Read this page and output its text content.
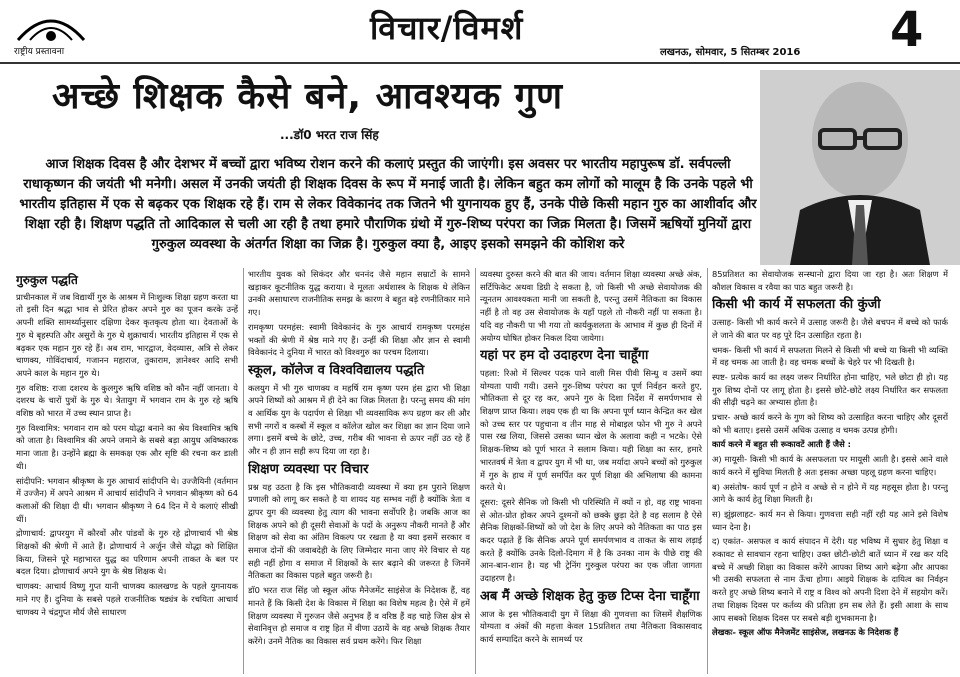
राष्ट्रीय प्रस्तावना
विचार/विमर्श
लखनऊ, सोमवार, 5 सितम्बर 2016 4
अच्छे शिक्षक कैसे बने, आवश्यक गुण
...डॉ0 भरत राज सिंह
आज शिक्षक दिवस है और देशभर में बच्चों द्वारा भविष्य रोशन करने की कलाएं प्रस्तुत की जाएंगी। इस अवसर पर भारतीय महापुरूष डॉ. सर्वपल्ली राधाकृष्णन की जयंती भी मनेगी। असल में उनकी जयंती ही शिक्षक दिवस के रूप में मनाई जाती है। लेकिन बहुत कम लोगों को मालूम है कि उनके पहले भी भारतीय इतिहास में एक से बढ़कर एक शिक्षक रहे हैं। राम से लेकर विवेकानंद तक जितने भी युगनायक हुए हैं, उनके पीछे किसी महान गुरु का आशीर्वाद और शिक्षा रही है। शिक्षण पद्धति तो आदिकाल से चली आ रही है तथा हमारे पौराणिक ग्रंथो में गुरु-शिष्य परंपरा का जिक्र मिलता है। जिसमें ऋषियों मुनियों द्वारा गुरुकुल व्यवस्था के अंतर्गत शिक्षा का जिक्र है। गुरुकुल क्या है, आइए इसको समझने की कोशिश करे
गुरुकुल पद्धति

प्राचीनकाल में जब विद्यार्थी गुरु के आश्रम में निःशुल्क शिक्षा ग्रहण करता था तो इसी दिन श्रद्धा भाव से प्रेरित होकर अपने गुरु का पूजन करके उन्हें अपनी शक्ति सामर्थ्यानुसार दक्षिणा देकर कृतकृत्य होता था। देवताओं के गुरु थे बृहस्पति और असुरों के गुरु थे शुक्राचार्य। भारतीय इतिहास में एक से बढ़कर एक महान गुरु रहे हैं। अब राम, भारद्वाज, वेदव्यास, अत्रि से लेकर चाणक्य, गोविंदाचार्य, गजानन महाराज, तुकाराम, ज्ञानेश्वर आदि सभी अपने काल के महान गुरु थे।

गुरु वशिष्ठ: राजा दशरथ के कुलगुरु ऋषि वशिष्ठ को कौन नहीं जानता। ये दशरथ के चारों पुत्रों के गुरु थे। त्रेतायुग में भगवान राम के गुरु रहे ऋषि वशिष्ठ को भारत में उच्च स्थान प्राप्त है।

गुरु विश्वामित्र: भगवान राम को परम योद्धा बनाने का श्रेय विश्वामित्र ऋषि को जाता है। विश्वामित्र की अपने जमाने के सबसे बड़ा आयुध अविष्कारक माना जाता है। उन्होंने ब्रह्मा के समकक्ष एक और सृष्टि की रचना कर डाली थी।

सांदीपनि: भगवान श्रीकृष्ण के गुरु आचार्य सांदीपनि थे। उज्जैयिनी (वर्तमान में उज्जैन) में अपने आश्रम में आचार्य सांदीपनि ने भगवान श्रीकृष्ण को 64 कलाओं की शिक्षा दी थी। भगवान श्रीकृष्ण ने 64 दिन में ये कलाएं सीखी थीं।

द्रोणाचार्य: द्वापरयुग में कौरवों और पांडवों के गुरु रहे द्रोणाचार्य भी श्रेष्ठ शिक्षकों की श्रेणी में आते हैं। द्रोणाचार्य ने अर्जुन जैसे योद्धा को शिक्षित किया, जिसने पूरे महाभारत युद्ध का परिणाम अपनी ताकत के बल पर बदल दिया। द्रोणाचार्य अपने युग के श्रेष्ठ शिक्षक थे।

चाणक्य: आचार्य विष्णु गुप्त यानी चाणक्य कालखण्ड के पहले युगनायक माने गए हैं। दुनिया के सबसे पहले राजनीतिक षड्यंत्र के रचयिता आचार्य चाणक्य ने चंद्रगुप्त मौर्य जैसे साधारण

भारतीय युवक को सिकंदर और धननंद जैसे महान सम्राटों के सामने खड़ाकर कूटनीतिक युद्ध कराया। वे मूलतः अर्थशास्त्र के शिक्षक थे लेकिन उनकी असाधारण राजनीतिक समझ के कारण वे बहुत बड़े रणनीतिकार माने गए।

रामकृष्ण परमहंस: स्वामी विवेकानंद के गुरु आचार्य रामकृष्ण परमहंस भक्तों की श्रेणी में श्रेष्ठ माने गए हैं। उन्हीं की शिक्षा और ज्ञान से स्वामी विवेकानंद ने दुनिया में भारत को विश्वगुरु का परचम दिलाया।

स्कूल, कॉलेज व विश्वविद्यालय पद्धति

कलयुग में भी गुरु चाणक्य व महर्षि राम कृष्ण परम हंस द्वारा भी शिक्षा अपने शिष्यों को आश्रम में ही देने का जिक्र मिलता है। परन्तु समय की मांग व आर्थिक युग के पदार्पण से शिक्षा भी व्यवसायिक रूप ग्रहण कर ली और सभी नगरों व कस्बों में स्कूल व कॉलेज खोल कर शिक्षा का ज्ञान दिया जाने लगा। इसमें बच्चे के छोटे, उच्च, गरीब की भावना से ऊपर नहीं उठ रहे हैं और न ही ज्ञान सही रूप दिया जा रहा है।

शिक्षण व्यवस्था पर विचार

प्रश्न यह उठता है कि इस भौतिकवादी व्यवस्था में क्या हम पुराने शिक्षण प्रणाली को लागू कर सकते है या शायद यह सम्भव नहीं है क्योंकि त्रेता व द्वापर युग की व्यवस्था हेतु त्याग की भावना सर्वोपरि है। जबकि आज का शिक्षक अपने को ही दूसरी सेवाओं के पदों के अनुरूप नौकरी मानते हैं और शिक्षण को सेवा का अंतिम विकल्प पर रखता है या क्या इसमें सरकार व समाज दोनों की जवाबदेही के लिए जिम्मेदार माना जाए मेरे विचार से यह सही नहीं होगा व समाज में शिक्षकों के स्तर बढ़ाने की जरूरत है जिनमें नैतिकता का विकास पहले बहुत जरूरी है।

डॉ0 भरत राज सिंह जो स्कूल ऑफ मैनेजमेंट साइंसेज के निदेशक हैं, वह मानते हैं कि किसी देश के विकास में शिक्षा का विशेष महत्व है। ऐसे में हमें शिक्षण व्यवस्था में गुरुजन जैसे अनुभव हैं व वरिष्ठ हैं वह चाहे जिस क्षेत्र से सेवानिवृत्त हो समाज व राष्ट्र हित में वीणा उठायें के वह अच्छे शिक्षक तैयार करेंगे। उनमें नैतिक का विकास सर्व प्रथम करेंगे। फिर शिक्षा

व्यवस्था दुरुस्त करने की बात की जाय। वर्तमान शिक्षा व्यवस्था अच्छे अंक, सर्टिफिकेट अथवा डिग्री दे सकता है, जो किसी भी अच्छे सेवायोजक की न्यूनतम आवश्यकता मानी जा सकती है, परन्तु उसमें नैतिकता का विकास नहीं है तो वह उस सेवायोजक के यहाँ पहले तो नौकरी नहीं पा सकता है। यदि वह नौकरी पा भी गया तो कार्यकुशलता के आभाव में कुछ ही दिनों में अयोग्य घोषित होकर निकल दिया जायेगा।

यहां पर हम दो उदाहरण देना चाहूँगा

पहला: रिओ में सिल्वर पदक पाने वाली मिस पीवी सिन्धु व उसमें क्या योग्यता पायी गयी। उसने गुरु-शिष्य परंपरा का पूर्ण निर्वहन करते हुए, भौतिकता से दूर रह कर, अपने गुरु के दिशा निर्देश में समर्पणभाव से शिक्षण प्राप्त किया। लक्ष्य एक ही था कि अपना पूर्ण ध्यान केन्द्रित कर खेल को उच्च स्तर पर पहुचाना व तीन माह से मोबाइल फोन भी गुरु ने अपने पास रख लिया, जिससे उसका ध्यान खेल के अलावा कही न भटके। ऐसे शिक्षक-शिष्य को पूर्ण भारत ने सलाम किया। यही शिक्षा का स्तर, हमारे भारतवर्ष में त्रेता व द्वापर युग में भी था, जब मर्यादा अपने बच्चों को गुरुकुल में गुरु के हाथ में पूर्ण समर्पित कर पूर्ण शिक्षा की अभिलाषा की कामना करते थे।

दूसरा: दूसरे सैनिक जो किसी भी परिस्थिति में क्यों न हो, वह राष्ट्र भावना से ओत-प्रोत होकर अपने दुश्मनों को छक्के छुड़ा देते है वह सलाम है ऐसे सैनिक शिक्षकों-शिष्यों को जो देश के लिए अपने को नैतिकता का पाठ इस कदर पढ़ाते हैं कि सैनिक अपने पूर्ण समर्पणभाव व ताकत के साथ लड़ाई करते हैं क्योंकि उनके दिलो-दिमाग में है कि उनका नाम के पीछे राष्ट्र की आन-बान-शान है। यह भी ट्रेनिंग गुरुकुल परंपरा का एक जीता जागता उदाहरण है।

अब मैं अच्छे शिक्षक हेतु कुछ टिप्स देना चाहूँगा

आज के इस भौतिकवादी युग में शिक्षा की गुणवत्ता का जिसमें शैक्षणिक योग्यता व अंकों की महत्ता केवल 15प्रतिशत तथा नैतिकता विकासवाद कार्य सम्पादित करने के सामर्थ्य पर

85प्रतिशत का सेवायोजक सन्स्थानो द्वारा दिया जा रहा है। अतः शिक्षण में कौशल विकास व रवैया का पाठ बहुत जरूरी है।

किसी भी कार्य में सफलता की कुंजी

उत्साह- किसी भी कार्य करने में उत्साह जरूरी है। जैसे बचपन में बच्चे को फार्क ले जाने की बात पर वह पूरे दिन उत्साहित रहता है।

चमक- किसी भी कार्य में सफलता मिलने से किसी भी बच्चे या किसी भी व्यक्ति में वह चमक आ जाती है। वह चमक बच्चों के चेहरे पर भी दिखती है।

स्पष्ट- प्रत्येक कार्य का लक्ष्य जरूर निर्धारित होना चाहिए, भले छोटा ही हो। यह गुरु शिष्य दोनों पर लागू होता है। इससे छोटे-छोटे लक्ष्य निर्धारित कर सफलता की सीढ़ी चढ़ने का अभ्यास होता है।

प्रचार- अच्छे कार्य करने के गुण को शिष्य को उत्साहित करना चाहिए और दूसरों को भी बताए। इससे उसमें अधिक उत्साह व चमक उत्पन्न होगी।

कार्य करने में बहुत सी रूकावटें आती हैं जैसे :

अ) मायूसी- किसी भी कार्य के असफलता पर मायूसी आती है। इससे आने वाले कार्य करने में सुविधा मिलती है अतः इसका अच्छा पहलू ग्रहण करना चाहिए।

ब) असंतोष- कार्य पूर्ण न होने व अच्छे से न होने में यह महसूस होता है। परन्तु आगे के कार्य हेतु शिक्षा मिलती है।

स) झुंझलाहट- कार्य मन से किया। गुणवत्ता सही नहीं रही यह आने इसे विशेष ध्यान देना है।

द) एकांत- असफल व कार्य संपादन में देरी। यह भविष्य में सुधार हेतु शिक्षा व रुकावट से सावधान रहना चाहिए। उक्त छोटी-छोटी बातें ध्यान में रख कर यदि बच्चे में अच्छी शिक्षा का विकास करेंगे आपका शिष्य आगे बढ़ेगा और आपका भी उसकी सफलता से नाम ऊँचा होगा। आइये शिक्षक के दायित्व का निर्वहन करते हुए अच्छे शिष्य बनाने में राष्ट्र व विश्व को अपनी दिशा देने में सहयोग करें। तथा शिक्षक दिवस पर कर्तव्य की प्रतिज्ञा हम सब लेते हैं। इसी आशा के साथ आप सबको शिक्षक दिवस पर सबसे बड़ी शुभकामना है।

लेखकः- स्कूल ऑफ मैनेजमेंट साइंसेज, लखनऊ के निदेशक हैं
